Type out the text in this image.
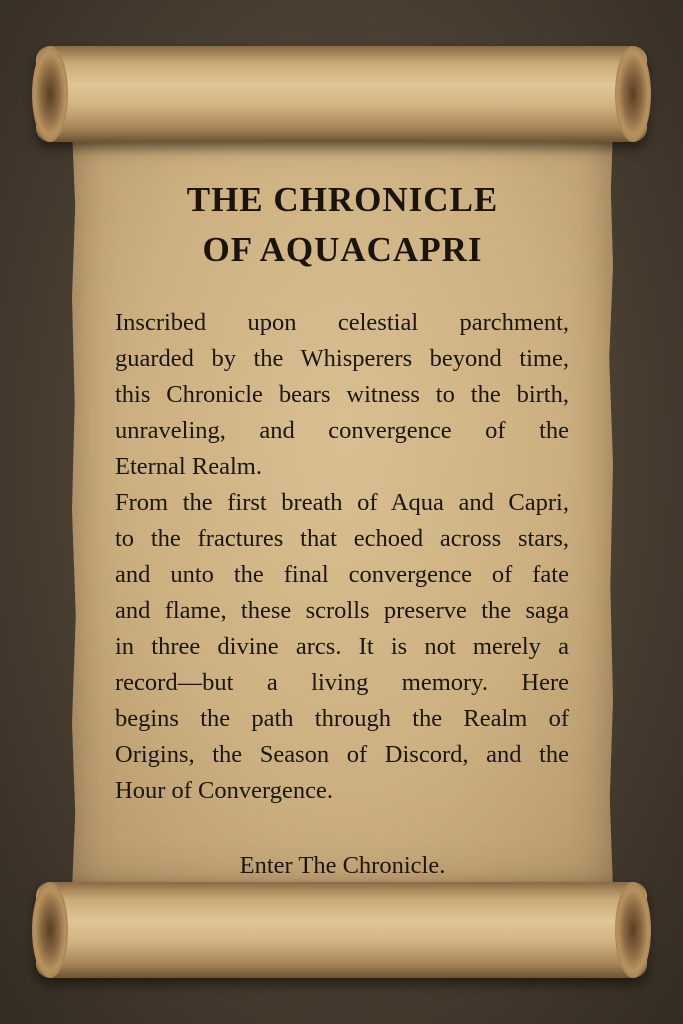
THE CHRONICLE
OF AQUACAPRI
Inscribed upon celestial parchment,
guarded by the Whisperers beyond time,
this Chronicle bears witness to the birth,
unraveling, and convergence of the
Eternal Realm.
From the first breath of Aqua and Capri,
to the fractures that echoed across stars,
and unto the final convergence of fate
and flame, these scrolls preserve the saga
in three divine arcs. It is not merely a
record—but a living memory. Here
begins the path through the Realm of
Origins, the Season of Discord, and the
Hour of Convergence.
Enter The Chronicle.
